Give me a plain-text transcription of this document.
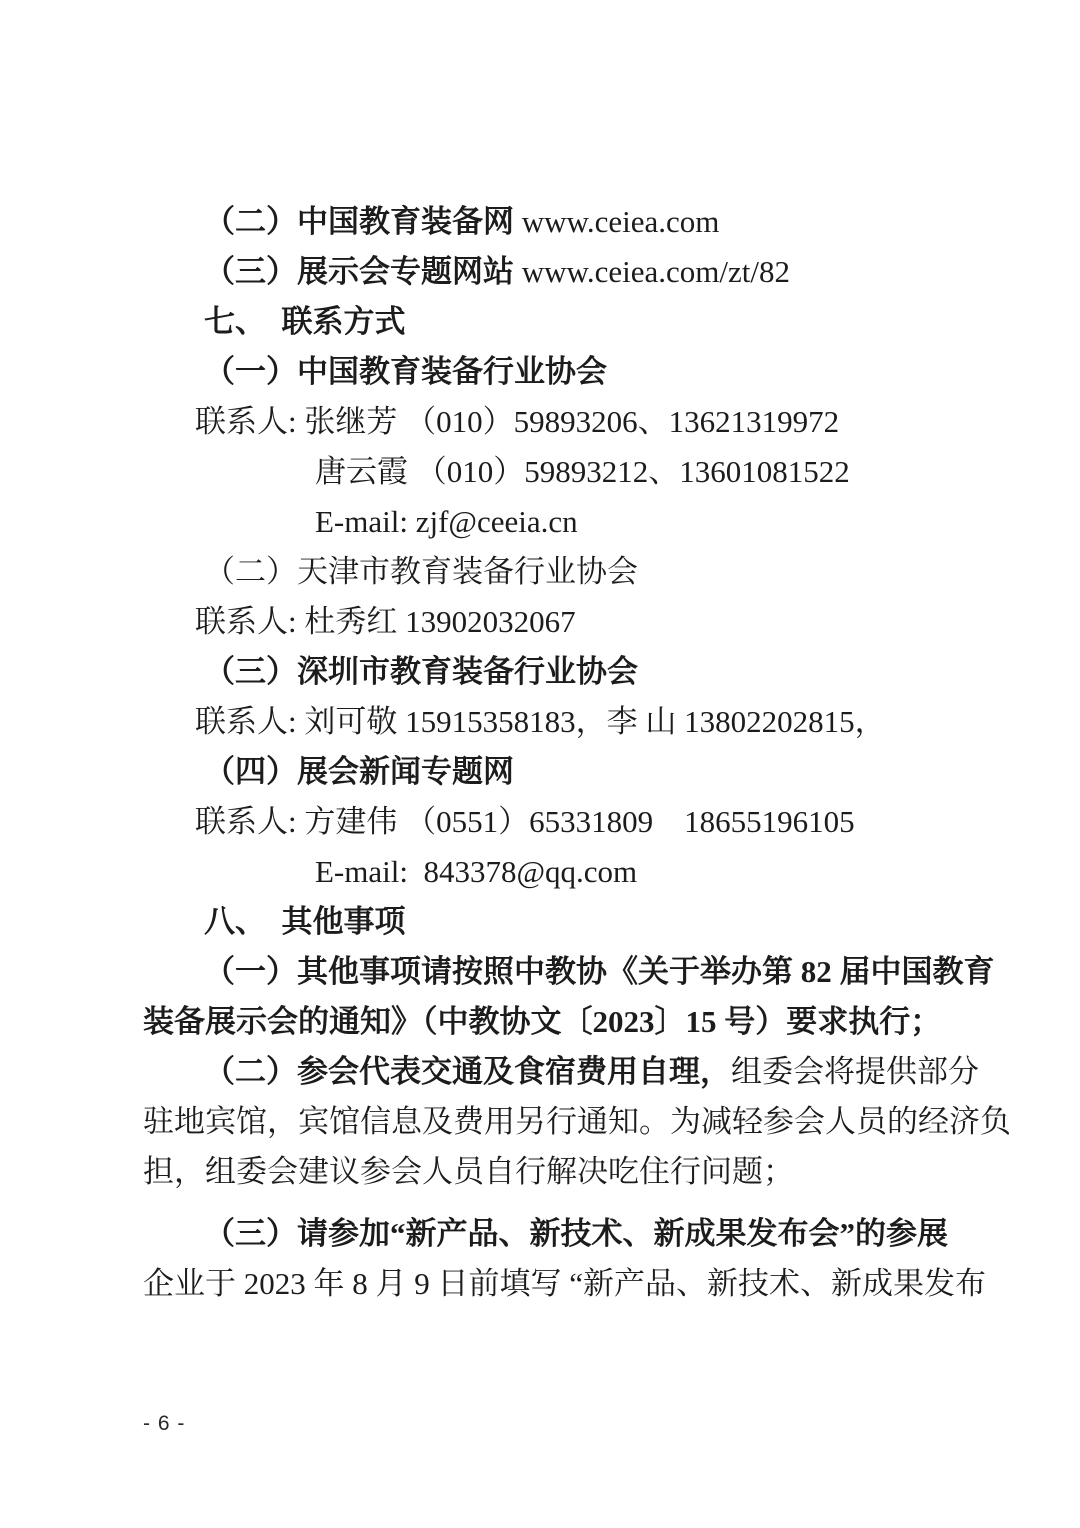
（二）中国教育装备网 www.ceiea.com

（三）展示会专题网站 www.ceiea.com/zt/82

七、　联系方式

（一）中国教育装备行业协会

联系人: 张继芳 （010）59893206、13621319972

唐云霞 （010）59893212、13601081522

E-mail: zjf@ceeia.cn

（二）天津市教育装备行业协会

联系人: 杜秀红 13902032067

（三）深圳市教育装备行业协会

联系人: 刘可敬 15915358183，李 山 13802202815，

（四）展会新闻专题网

联系人: 方建伟 （0551）65331809　18655196105

E-mail:  843378@qq.com

八、　其他事项

（一）其他事项请按照中教协《关于举办第 82 届中国教育

装备展示会的通知》（中教协文〔2023〕15 号）要求执行；

（二）参会代表交通及食宿费用自理，组委会将提供部分

驻地宾馆，宾馆信息及费用另行通知。为减轻参会人员的经济负

担，组委会建议参会人员自行解决吃住行问题；

（三）请参加“新产品、新技术、新成果发布会”的参展

企业于 2023 年 8 月 9 日前填写 “新产品、新技术、新成果发布

- 6 -
